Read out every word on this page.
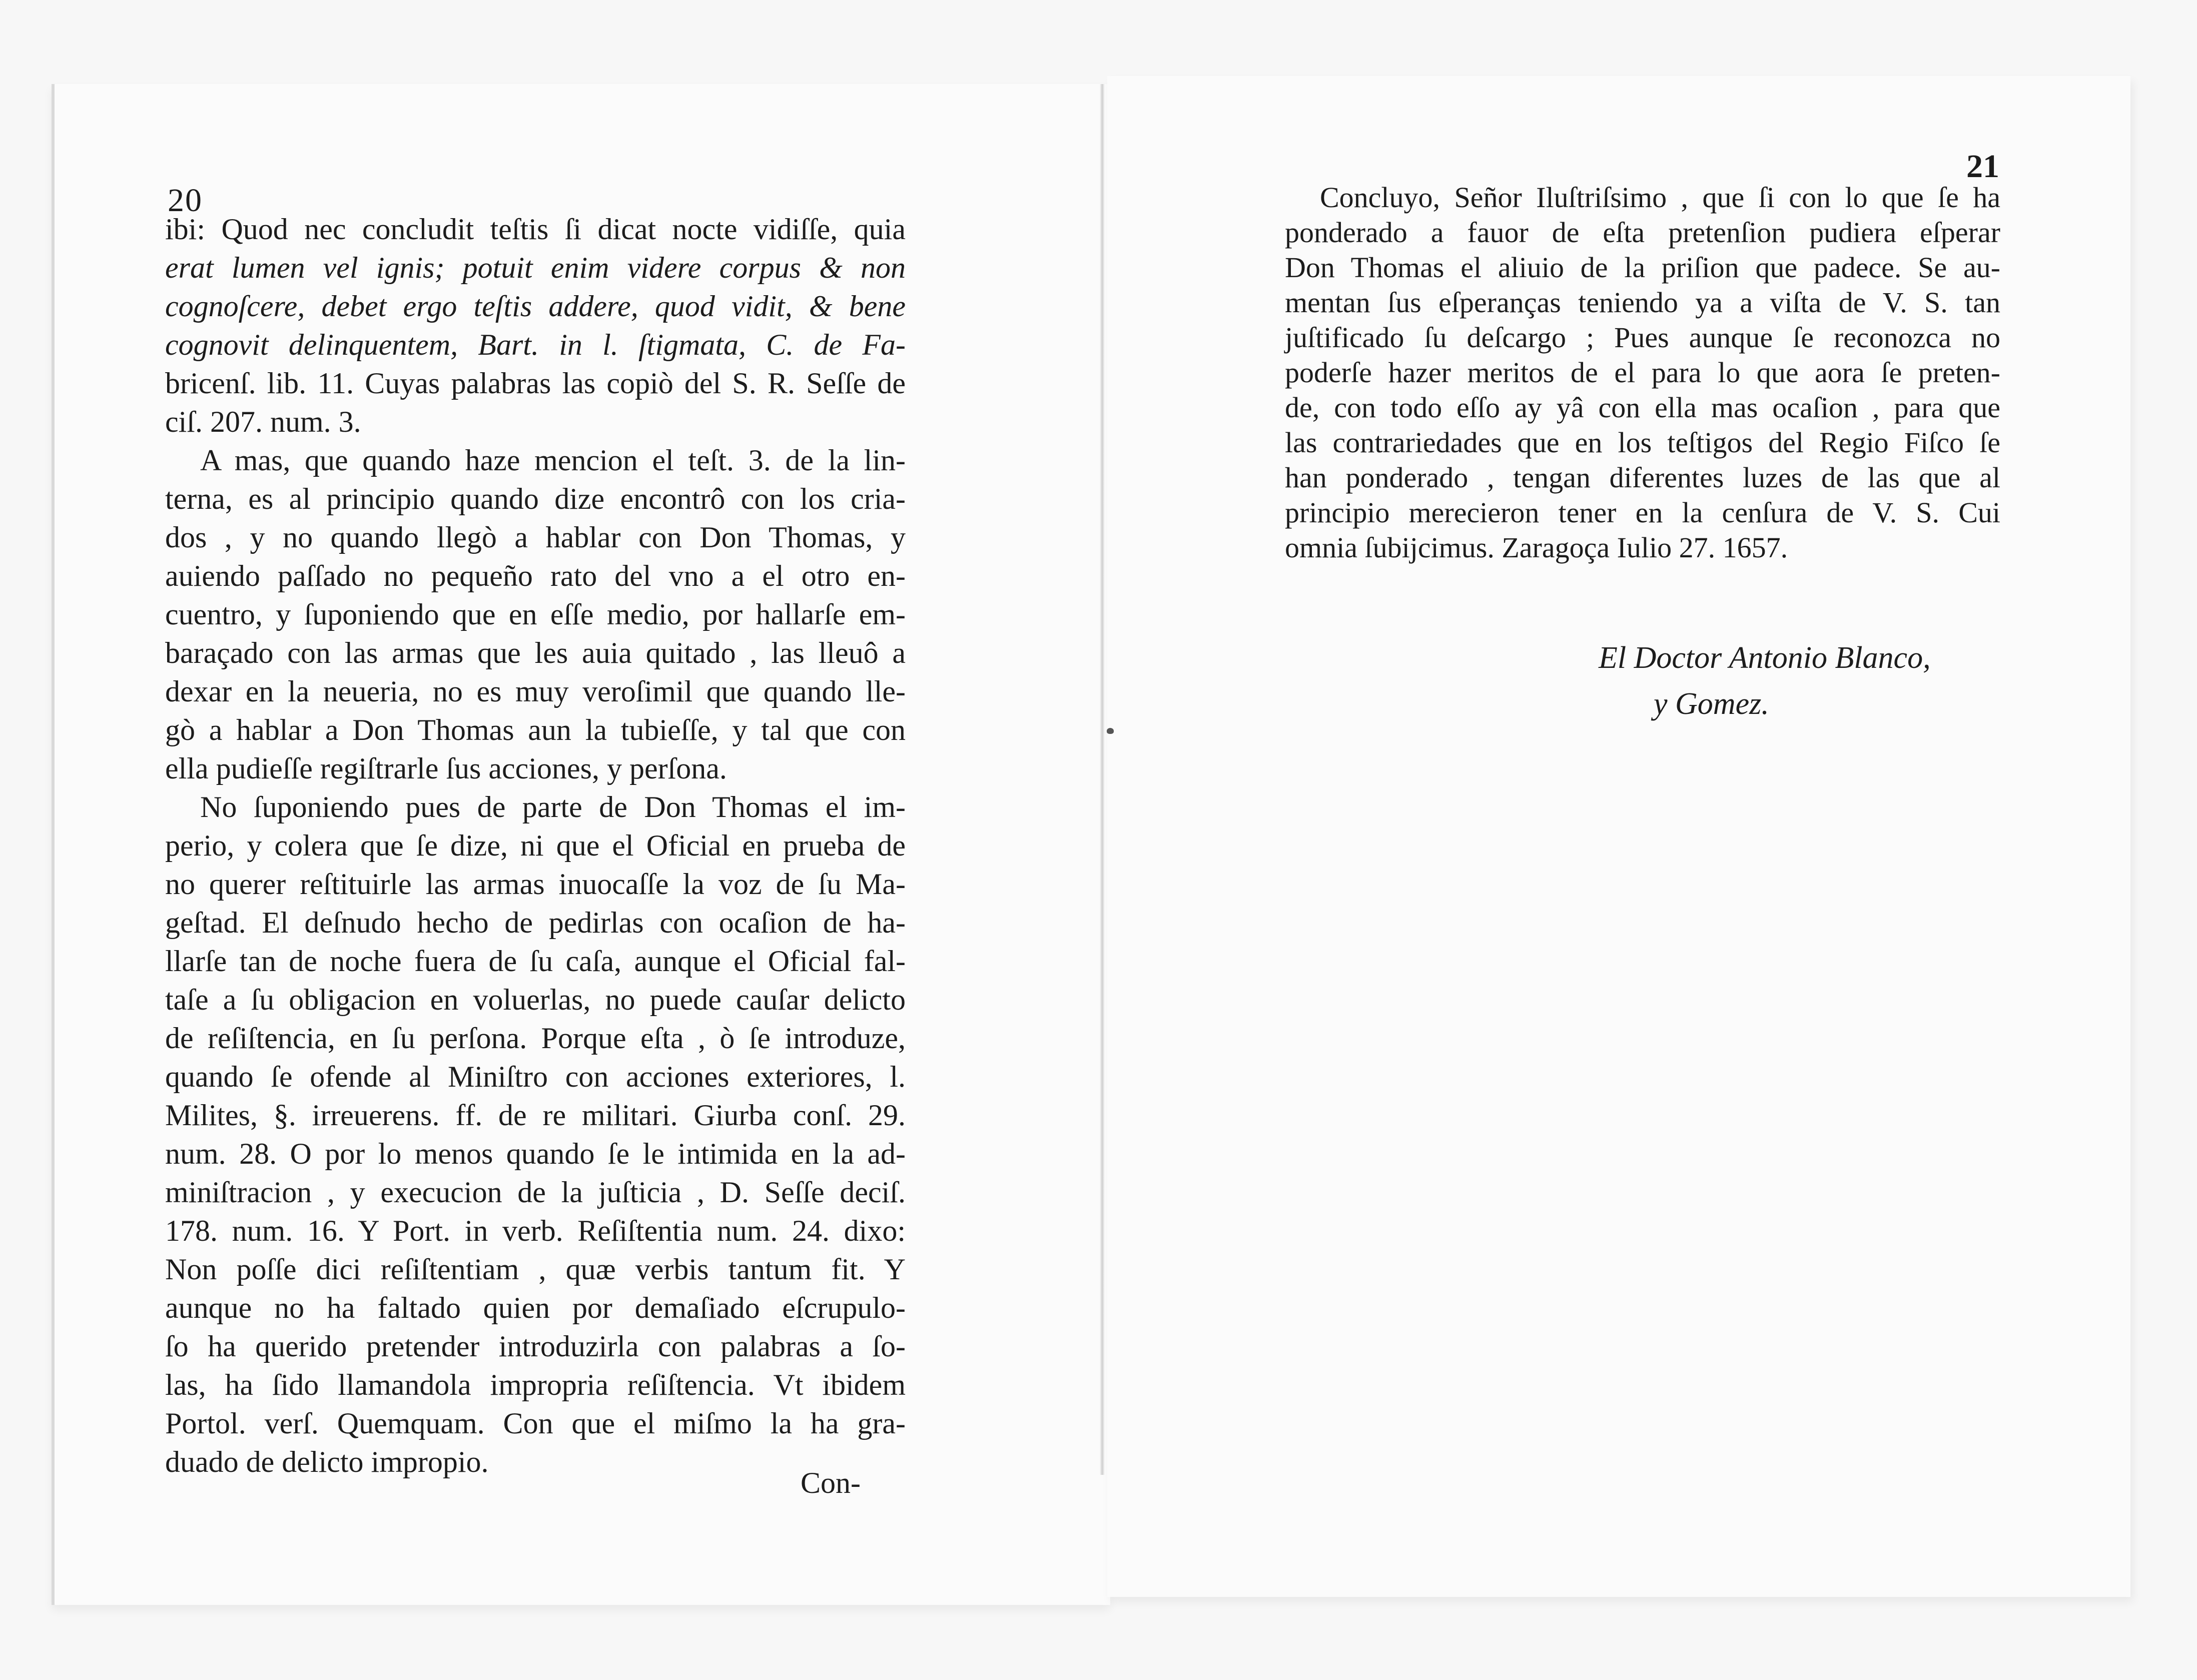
20
21
ibi: Quod nec concludit teſtis ſi dicat nocte vidiſſe, quia
erat lumen vel ignis; potuit enim videre corpus & non
cognoſcere, debet ergo teſtis addere, quod vidit, & bene
cognovit delinquentem, Bart. in l. ſtigmata, C. de Fa-
bricenſ. lib. 11. Cuyas palabras las copiò del S. R. Seſſe de
ciſ. 207. num. 3.
A mas, que quando haze mencion el teſt. 3. de la lin-
terna, es al principio quando dize encontrô con los cria-
dos , y no quando llegò a hablar con Don Thomas, y
auiendo paſſado no pequeño rato del vno a el otro en-
cuentro, y ſuponiendo que en eſſe medio, por hallarſe em-
baraçado con las armas que les auia quitado , las lleuô a
dexar en la neueria, no es muy veroſimil que quando lle-
gò a hablar a Don Thomas aun la tubieſſe, y tal que con
ella pudieſſe regiſtrarle ſus acciones, y perſona.
No ſuponiendo pues de parte de Don Thomas el im-
perio, y colera que ſe dize, ni que el Oficial en prueba de
no querer reſtituirle las armas inuocaſſe la voz de ſu Ma-
geſtad. El deſnudo hecho de pedirlas con ocaſion de ha-
llarſe tan de noche fuera de ſu caſa, aunque el Oficial fal-
taſe a ſu obligacion en voluerlas, no puede cauſar delicto
de reſiſtencia, en ſu perſona. Porque eſta , ò ſe introduze,
quando ſe ofende al Miniſtro con acciones exteriores, l.
Milites, §. irreuerens. ff. de re militari. Giurba conſ. 29.
num. 28. O por lo menos quando ſe le intimida en la ad-
miniſtracion , y execucion de la juſticia , D. Seſſe deciſ.
178. num. 16. Y Port. in verb. Reſiſtentia num. 24. dixo:
Non poſſe dici reſiſtentiam , quæ verbis tantum fit. Y
aunque no ha faltado quien por demaſiado eſcrupulo-
ſo ha querido pretender introduzirla con palabras a ſo-
las, ha ſido llamandola impropria reſiſtencia. Vt ibidem
Portol. verſ. Quemquam. Con que el miſmo la ha gra-
duado de delicto impropio.
Con-
Concluyo, Señor Iluſtriſsimo , que ſi con lo que ſe ha
ponderado a fauor de eſta pretenſion pudiera eſperar
Don Thomas el aliuio de la priſion que padece. Se au-
mentan ſus eſperanças teniendo ya a viſta de V. S. tan
juſtificado ſu deſcargo ; Pues aunque ſe reconozca no
poderſe hazer meritos de el para lo que aora ſe preten-
de, con todo eſſo ay yâ con ella mas ocaſion , para que
las contrariedades que en los teſtigos del Regio Fiſco ſe
han ponderado , tengan diferentes luzes de las que al
principio merecieron tener en la cenſura de V. S. Cui
omnia ſubijcimus. Zaragoça Iulio 27. 1657.
El Doctor Antonio Blanco,
y Gomez.
